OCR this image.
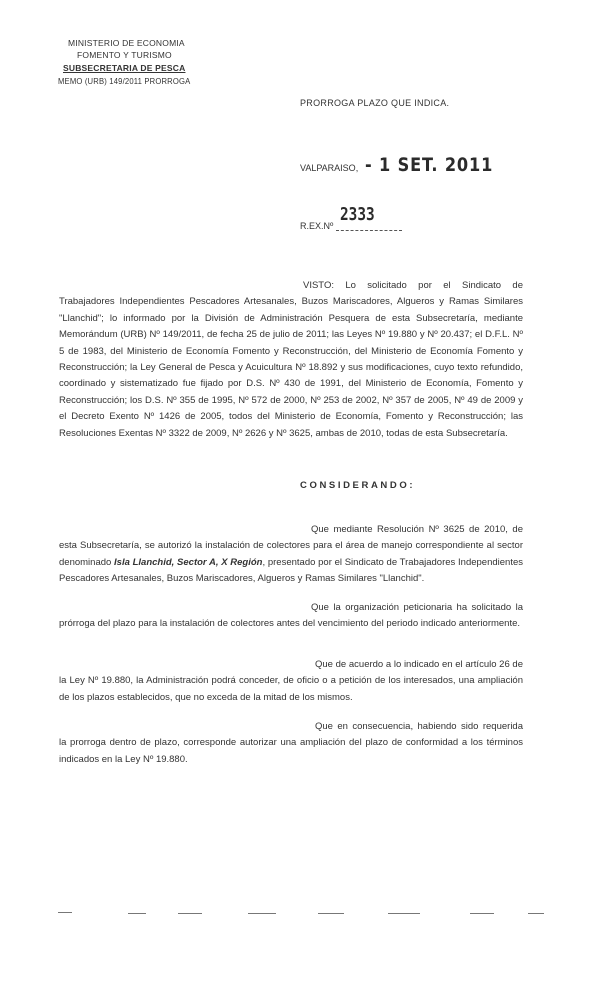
MINISTERIO DE ECONOMIA
FOMENTO Y TURISMO
SUBSECRETARIA DE PESCA
MEMO (URB) 149/2011 PRORROGA
PRORROGA PLAZO QUE INDICA.
VALPARAISO, - 1 SET. 2011
R.EX.Nº
2333
VISTO: Lo solicitado por el Sindicato de Trabajadores Independientes Pescadores Artesanales, Buzos Mariscadores, Algueros y Ramas Similares "Llanchid"; lo informado por la División de Administración Pesquera de esta Subsecretaría, mediante Memorándum (URB) Nº 149/2011, de fecha 25 de julio de 2011; las Leyes Nº 19.880 y Nº 20.437; el D.F.L. Nº 5 de 1983, del Ministerio de Economía Fomento y Reconstrucción, del Ministerio de Economía Fomento y Reconstrucción; la Ley General de Pesca y Acuicultura Nº 18.892 y sus modificaciones, cuyo texto refundido, coordinado y sistematizado fue fijado por D.S. Nº 430 de 1991, del Ministerio de Economía, Fomento y Reconstrucción; los D.S. Nº 355 de 1995, Nº 572 de 2000, Nº 253 de 2002, Nº 357 de 2005, Nº 49 de 2009 y el Decreto Exento Nº 1426 de 2005, todos del Ministerio de Economía, Fomento y Reconstrucción; las Resoluciones Exentas Nº 3322 de 2009, Nº 2626 y Nº 3625, ambas de 2010, todas de esta Subsecretaría.
CONSIDERANDO:
Que mediante Resolución Nº 3625 de 2010, de esta Subsecretaría, se autorizó la instalación de colectores para el área de manejo correspondiente al sector denominado Isla Llanchid, Sector A, X Región, presentado por el Sindicato de Trabajadores Independientes Pescadores Artesanales, Buzos Mariscadores, Algueros y Ramas Similares "Llanchid".
Que la organización peticionaria ha solicitado la prórroga del plazo para la instalación de colectores antes del vencimiento del periodo indicado anteriormente.
Que de acuerdo a lo indicado en el artículo 26 de la Ley Nº 19.880, la Administración podrá conceder, de oficio o a petición de los interesados, una ampliación de los plazos establecidos, que no exceda de la mitad de los mismos.
Que en consecuencia, habiendo sido requerida la prorroga dentro de plazo, corresponde autorizar una ampliación del plazo de conformidad a los términos indicados en la Ley Nº 19.880.
